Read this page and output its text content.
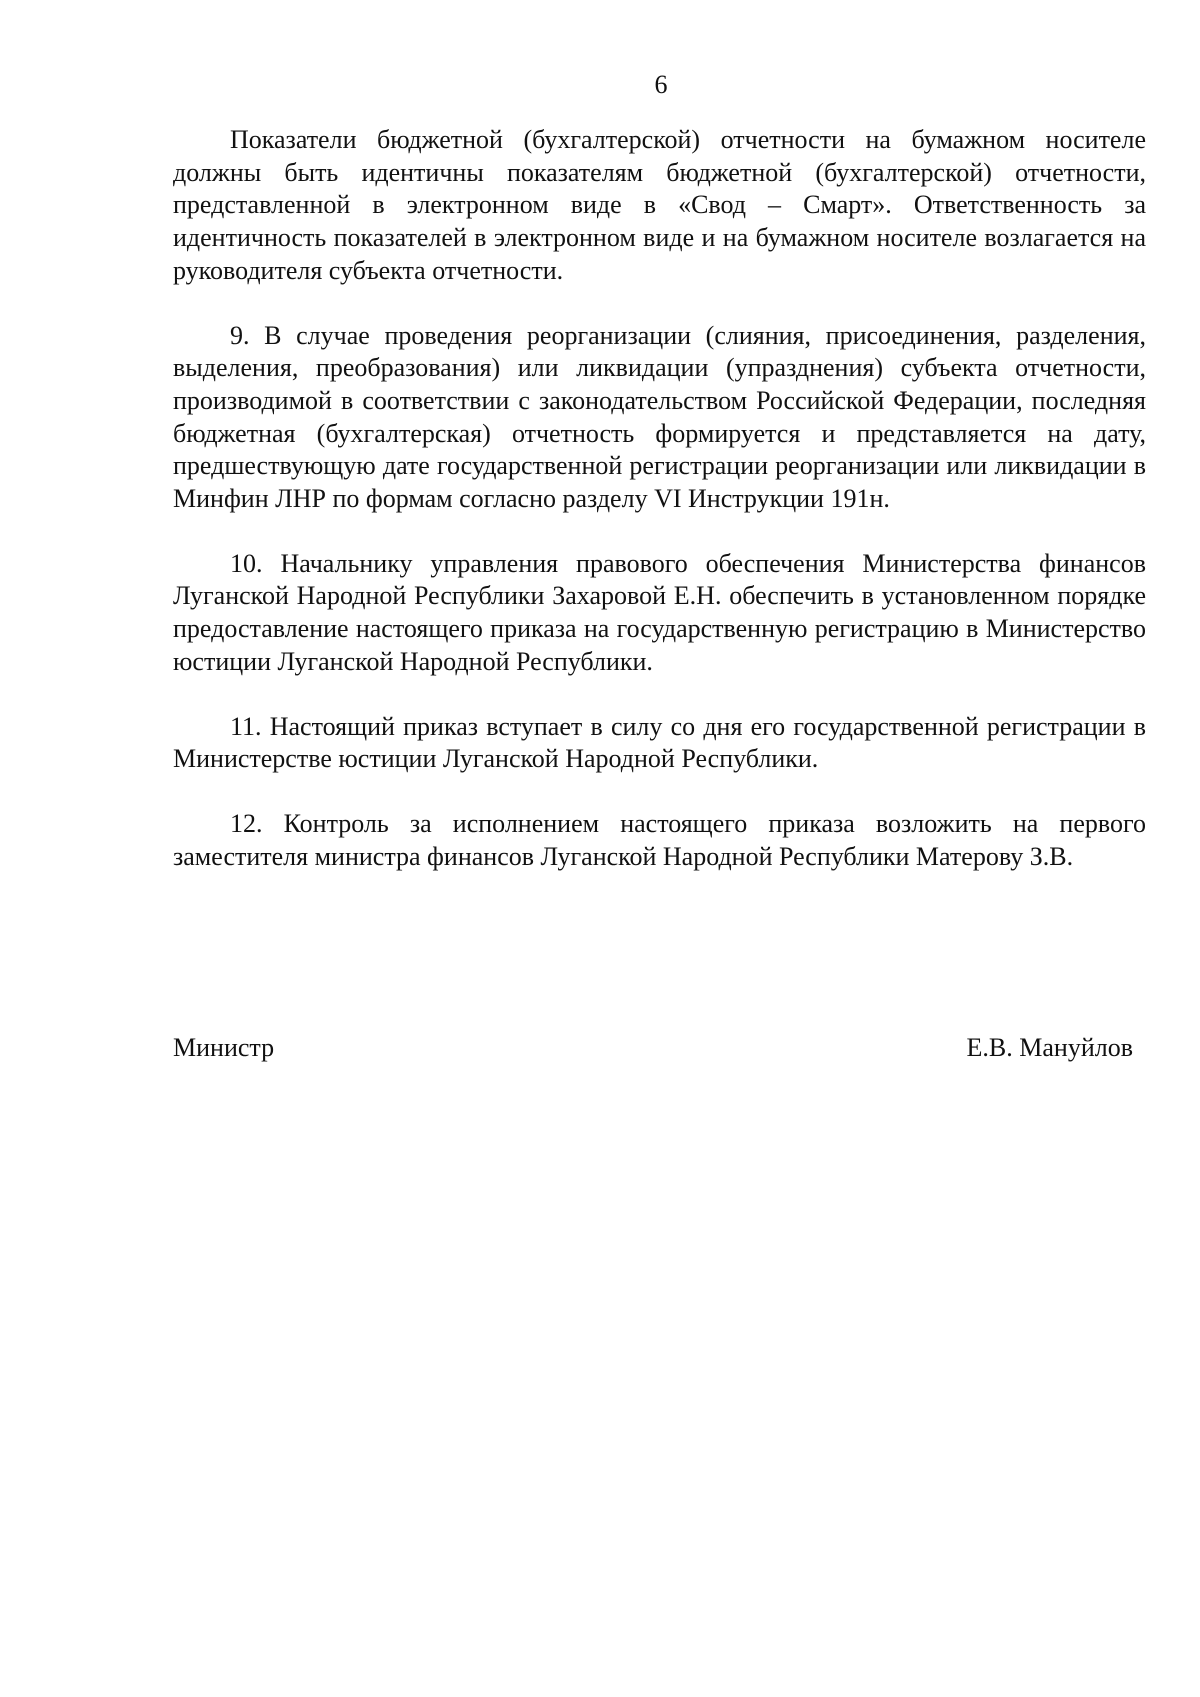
6

Показатели бюджетной (бухгалтерской) отчетности на бумажном носителе должны быть идентичны показателям бюджетной (бухгалтерской) отчетности, представленной в электронном виде в «Свод – Смарт». Ответственность за идентичность показателей в электронном виде и на бумажном носителе возлагается на руководителя субъекта отчетности.

9. В случае проведения реорганизации (слияния, присоединения, разделения, выделения, преобразования) или ликвидации (упразднения) субъекта отчетности, производимой в соответствии с законодательством Российской Федерации, последняя бюджетная (бухгалтерская) отчетность формируется и представляется на дату, предшествующую дате государственной регистрации реорганизации или ликвидации в Минфин ЛНР по формам согласно разделу VI Инструкции 191н.

10. Начальнику управления правового обеспечения Министерства финансов Луганской Народной Республики Захаровой Е.Н. обеспечить в установленном порядке предоставление настоящего приказа на государственную регистрацию в Министерство юстиции Луганской Народной Республики.

11. Настоящий приказ вступает в силу со дня его государственной регистрации в Министерстве юстиции Луганской Народной Республики.

12. Контроль за исполнением настоящего приказа возложить на первого заместителя министра финансов Луганской Народной Республики Матерову З.В.

Министр	Е.В. Мануйлов
